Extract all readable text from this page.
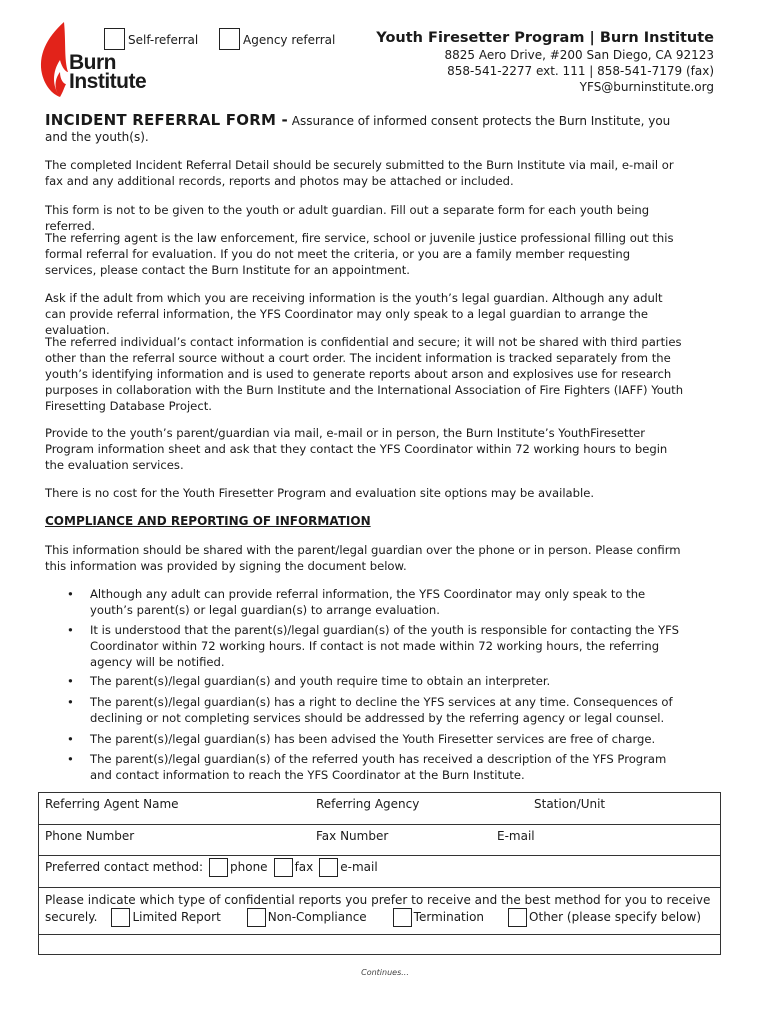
Burn
Institute
Self-referral	Agency referral	Youth Firesetter Program | Burn Institute
8825 Aero Drive, #200 San Diego, CA 92123
858-541-2277 ext. 111 | 858-541-7179 (fax)
YFS@burninstitute.org
INCIDENT REFERRAL FORM - Assurance of informed consent protects the Burn Institute, you and the youth(s).
The completed Incident Referral Detail should be securely submitted to the Burn Institute via mail, e-mail or fax and any additional records, reports and photos may be attached or included.
This form is not to be given to the youth or adult guardian. Fill out a separate form for each youth being referred.
The referring agent is the law enforcement, fire service, school or juvenile justice professional filling out this formal referral for evaluation. If you do not meet the criteria, or you are a family member requesting services, please contact the Burn Institute for an appointment.
Ask if the adult from which you are receiving information is the youth’s legal guardian. Although any adult can provide referral information, the YFS Coordinator may only speak to a legal guardian to arrange the evaluation.
The referred individual’s contact information is confidential and secure; it will not be shared with third parties other than the referral source without a court order. The incident information is tracked separately from the youth’s identifying information and is used to generate reports about arson and explosives use for research purposes in collaboration with the Burn Institute and the International Association of Fire Fighters (IAFF) Youth Firesetting Database Project.
Provide to the youth’s parent/guardian via mail, e-mail or in person, the Burn Institute’s YouthFiresetter Program information sheet and ask that they contact the YFS Coordinator within 72 working hours to begin the evaluation services.
There is no cost for the Youth Firesetter Program and evaluation site options may be available.
COMPLIANCE AND REPORTING OF INFORMATION
This information should be shared with the parent/legal guardian over the phone or in person. Please confirm this information was provided by signing the document below.
• Although any adult can provide referral information, the YFS Coordinator may only speak to the youth’s parent(s) or legal guardian(s) to arrange evaluation.
• It is understood that the parent(s)/legal guardian(s) of the youth is responsible for contacting the YFS Coordinator within 72 working hours. If contact is not made within 72 working hours, the referring agency will be notified.
• The parent(s)/legal guardian(s) and youth require time to obtain an interpreter.
• The parent(s)/legal guardian(s) has a right to decline the YFS services at any time. Consequences of declining or not completing services should be addressed by the referring agency or legal counsel.
• The parent(s)/legal guardian(s) has been advised the Youth Firesetter services are free of charge.
• The parent(s)/legal guardian(s) of the referred youth has received a description of the YFS Program and contact information to reach the YFS Coordinator at the Burn Institute.
Referring Agent Name	Referring Agency	Station/Unit
Phone Number	Fax Number	E-mail
Preferred contact method: phone fax e-mail
Please indicate which type of confidential reports you prefer to receive and the best method for you to receive
securely.	Limited Report	Non-Compliance	Termination	Other (please specify below)
Continues...
